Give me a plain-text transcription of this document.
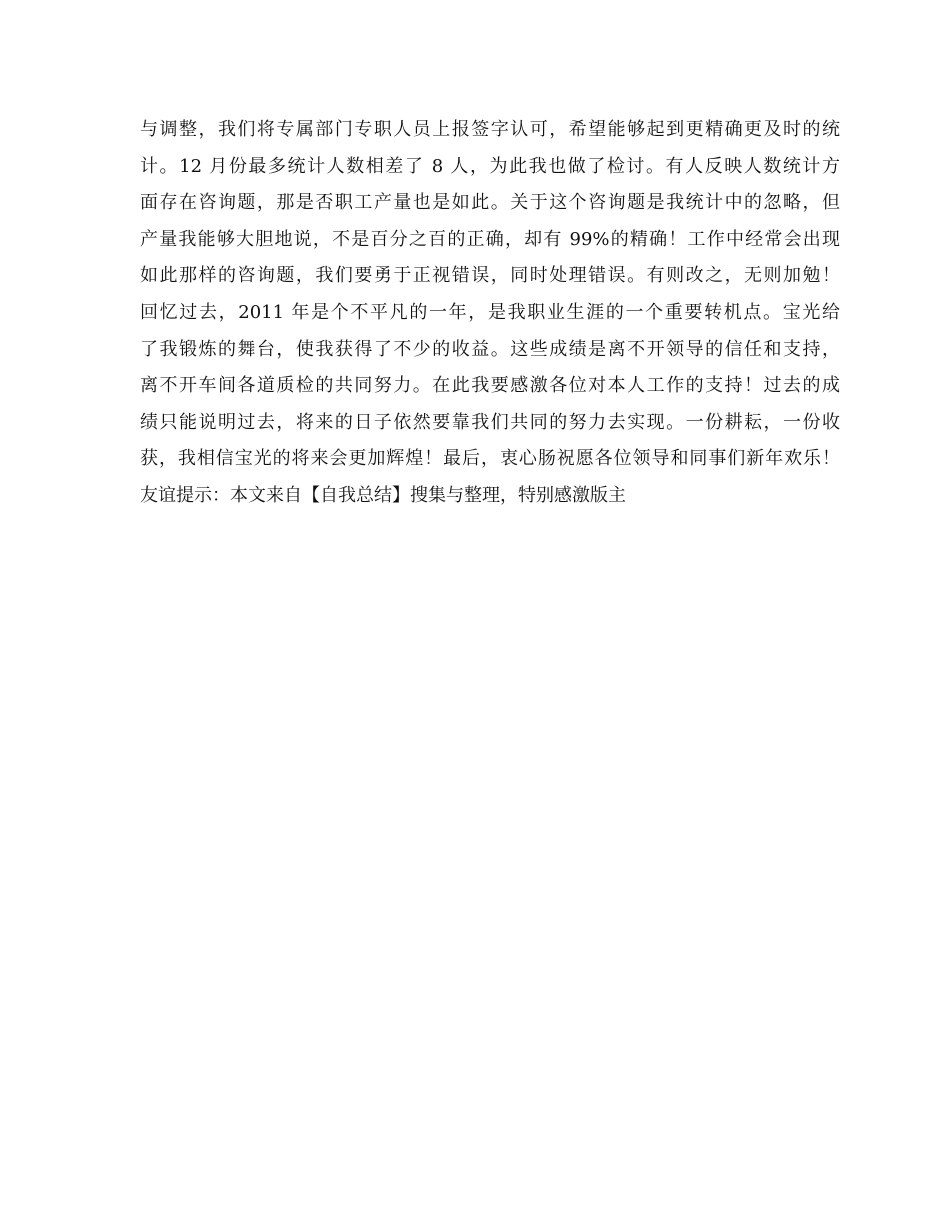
与调整，我们将专属部门专职人员上报签字认可，希望能够起到更精确更及时的统
计。12 月份最多统计人数相差了 8 人，为此我也做了检讨。有人反映人数统计方
面存在咨询题，那是否职工产量也是如此。关于这个咨询题是我统计中的忽略，但
产量我能够大胆地说，不是百分之百的正确，却有 99%的精确！工作中经常会出现
如此那样的咨询题，我们要勇于正视错误，同时处理错误。有则改之，无则加勉！
回忆过去，2011 年是个不平凡的一年，是我职业生涯的一个重要转机点。宝光给
了我锻炼的舞台，使我获得了不少的收益。这些成绩是离不开领导的信任和支持，
离不开车间各道质检的共同努力。在此我要感激各位对本人工作的支持！过去的成
绩只能说明过去，将来的日子依然要靠我们共同的努力去实现。一份耕耘，一份收
获，我相信宝光的将来会更加辉煌！最后，衷心肠祝愿各位领导和同事们新年欢乐！
友谊提示：本文来自【自我总结】搜集与整理，特别感激版主
